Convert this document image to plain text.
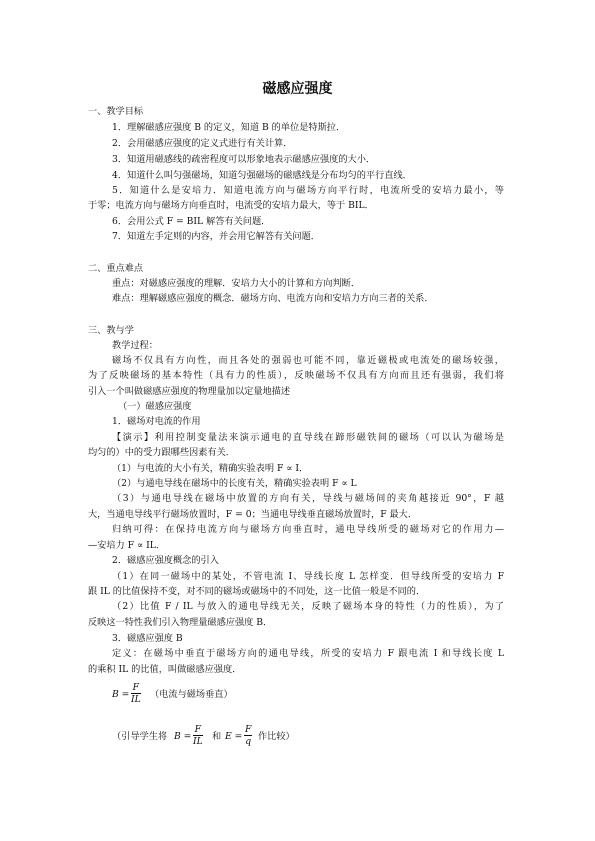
磁感应强度
一、教学目标
1．理解磁感应强度 B 的定义，知道 B 的单位是特斯拉．
2．会用磁感应强度的定义式进行有关计算．
3．知道用磁感线的疏密程度可以形象地表示磁感应强度的大小．
4．知道什么叫匀强磁场，知道匀强磁场的磁感线是分布均匀的平行直线．
5．知道什么是安培力．知道电流方向与磁场方向平行时，电流所受的安培力最小，等
于零；电流方向与磁场方向垂直时，电流受的安培力最大，等于 BIL．
6．会用公式 F = BIL 解答有关问题．
7．知道左手定则的内容，并会用它解答有关问题．
二、重点难点
重点：对磁感应强度的理解．安培力大小的计算和方向判断．
难点：理解磁感应强度的概念．磁场方向、电流方向和安培力方向三者的关系．
三、教与学
教学过程：
磁场不仅具有方向性，而且各处的强弱也可能不同，靠近磁极或电流处的磁场较强，
为了反映磁场的基本特性（具有力的性质），反映磁场不仅具有方向而且还有强弱，我们将
引入一个叫做磁感应强度的物理量加以定量地描述
（一）磁感应强度
1．磁场对电流的作用
【演示】利用控制变量法来演示通电的直导线在蹄形磁铁间的磁场（可以认为磁场是
均匀的）中的受力跟哪些因素有关．
（1）与电流的大小有关，精确实验表明 F ∝ I．
（2）与通电导线在磁场中的长度有关，精确实验表明 F ∝ L
（3）与通电导线在磁场中放置的方向有关，导线与磁场间的夹角越接近 90°，F 越
大，当通电导线平行磁场放置时，F = 0；当通电导线垂直磁场放置时，F 最大．
归纳可得：在保持电流方向与磁场方向垂直时，通电导线所受的磁场对它的作用力—
—安培力 F ∝ IL．
2．磁感应强度概念的引入
（1）在同一磁场中的某处，不管电流 I、导线长度 L 怎样变．但导线所受的安培力 F
跟 IL 的比值保持不变，对不同的磁场或磁场中的不同处，这一比值一般是不同的．
（2）比值 F / IL 与放入的通电导线无关，反映了磁场本身的特性（力的性质），为了
反映这一特性我们引入物理量磁感应强度 B．
3．磁感应强度 B
定义：在磁场中垂直于磁场方向的通电导线，所受的安培力 F 跟电流 I 和导线长度 L
的乘积 IL 的比值，叫做磁感应强度．
$B = \frac{F}{IL}$ （电流与磁场垂直）
（引导学生将 $B = \frac{F}{IL}$ 和 $E = \frac{F}{q}$ 作比较）
